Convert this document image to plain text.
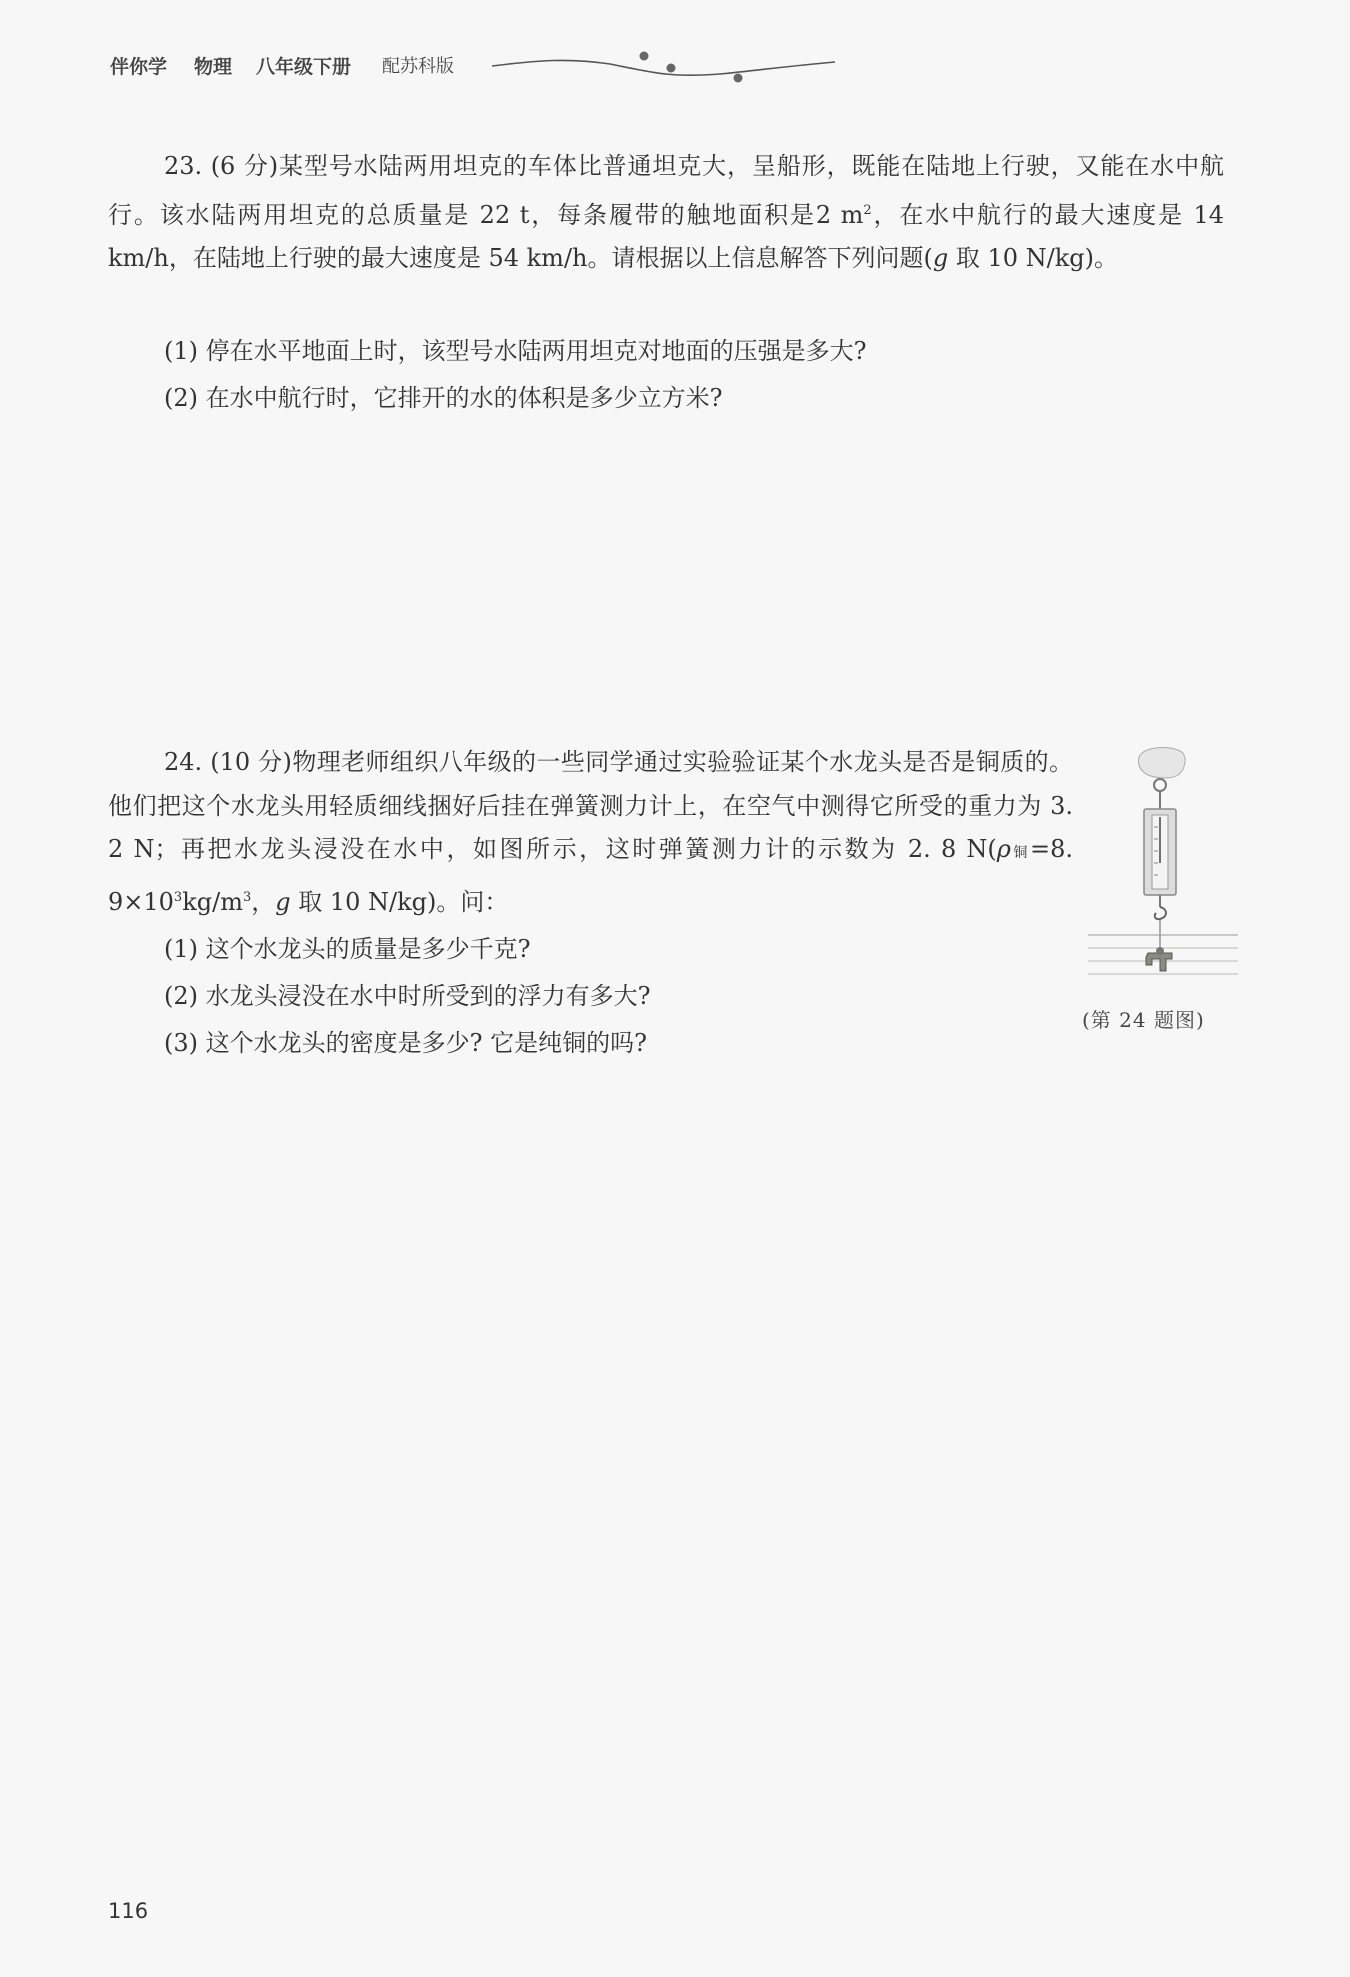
伴你学 物理 八年级下册 配苏科版
23. (6 分)某型号水陆两用坦克的车体比普通坦克大，呈船形，既能在陆地上行驶，又能在水中航行。该水陆两用坦克的总质量是 22 t，每条履带的触地面积是2 $m^2$，在水中航行的最大速度是 14 km/h，在陆地上行驶的最大速度是 54 km/h。请根据以上信息解答下列问题(g 取 10 N/kg)。
(1) 停在水平地面上时，该型号水陆两用坦克对地面的压强是多大?
(2) 在水中航行时，它排开的水的体积是多少立方米?
24. (10 分)物理老师组织八年级的一些同学通过实验验证某个水龙头是否是铜质的。他们把这个水龙头用轻质细线捆好后挂在弹簧测力计上，在空气中测得它所受的重力为 3. 2 N；再把水龙头浸没在水中，如图所示，这时弹簧测力计的示数为 2. 8 N(ρ铜=8. $9\times 10^3kg/m^3$，g 取 10 N/kg)。问：
(1) 这个水龙头的质量是多少千克?
(2) 水龙头浸没在水中时所受到的浮力有多大?
(3) 这个水龙头的密度是多少? 它是纯铜的吗?
(第 24 题图)
116
